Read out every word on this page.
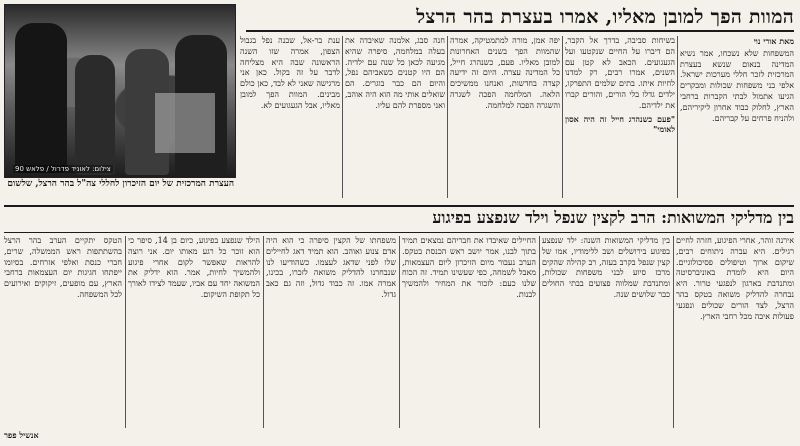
צילום: לאוניד פדרול / פלאש 90
העצרת המרכזית של יום הזיכרון לחללי צה"ל בהר הרצל, שלשום
המוות הפך למובן מאליו, אמרו בעצרת בהר הרצל
מאת אורי נוי
המשפחות שלא נשכחו, אמר נשיא המדינה בנאום שנשא בעצרת המרכזית לזכר חללי מערכות ישראל. אלפי בני משפחות שכולות ומבקרים הגיעו אתמול לבתי הקברות ברחבי הארץ, לחלוק כבוד אחרון ליקיריהם, ולהניח פרחים על קבריהם.
בשיחות סביבה, בדרך אל הקבר, הם דיברו על החיים שנקטעו ועל הגעגועים. הכאב לא קטן עם השנים, אמרו רבים, רק למדנו לחיות איתו. בתים שלמים התפרקו, ילדים גדלו בלי הורים, והורים קברו את ילדיהם.
"פעם כשנהרג חייל זה היה אסון לאומי"
יפה אמן, מורה למתמטיקה, אמרה שהמוות הפך בשנים האחרונות למובן מאליו. פעם, כשנהרג חייל, כל המדינה עצרה. היום זה ידיעה קצרה בחדשות, ואנחנו ממשיכים הלאה. המלחמה הפכה לשגרה והשגרה הפכה למלחמה.
חנה סבג, אלמנה שאיבדה את בעלה במלחמה, סיפרה שהיא מגיעה לכאן כל שנה עם ילדיה. הם היו קטנים כשאביהם נפל, והיום הם כבר בוגרים. הם שואלים אותי מה הוא היה אוהב, ואני מספרת להם עליו.
ענת בר-אל, שבנה נפל בגבול הצפון, אמרה שזו השנה הראשונה שבה היא מצליחה לדבר על זה בקול. כאן אני מרגישה שאני לא לבד, כאן כולם מבינים. המוות הפך למובן מאליו, אבל הגעגועים לא.
בין מדליקי המשואות: הרב לקצין שנפל וילד שנפצע בפיגוע
אירנה זוהר, אחרי הפיגוע, חזרה לחיים רגילים. היא עברה ניתוחים רבים, שיקום ארוך וטיפולים פסיכולוגיים. היום היא לומדת באוניברסיטה ומתנדבת בארגון לנפגעי טרור. היא נבחרה להדליק משואה בטקס בהר הרצל, לצד הורים שכולים ונפגעי פעולות איבה מכל רחבי הארץ.
בין מדליקי המשואות השנה: ילד שנפצע בפיגוע בירושלים ושב ללימודיו, אמו של קצין שנפל בקרב בעזה, רב קהילה שהקים מרכז סיוע לבני משפחות שכולות, ומתנדבת שמלווה פצועים בבתי החולים כבר שלושים שנה.
החיילים שאיבדו את חבריהם נמצאים תמיד בתוך לבנו, אמר יושב ראש הכנסת בטקס. הערב נעבור מיום הזיכרון ליום העצמאות, מאבל לשמחה, כפי שעשינו תמיד. זה הכוח שלנו כעם: לזכור את המחיר ולהמשיך לבנות.
משפחתו של הקצין סיפרה כי הוא היה אדם צנוע ואוהב. הוא תמיד דאג לחיילים שלו לפני שדאג לעצמו. כשהודיעו לנו שנבחרנו להדליק משואה לזכרו, בכינו, אמרה אמו. זה כבוד גדול, וזה גם כאב גדול.
הילד שנפצע בפיגוע, כיום בן 14, סיפר כי הוא זוכר כל רגע מאותו יום. אני רוצה להראות שאפשר לקום אחרי פיגוע ולהמשיך לחיות, אמר. הוא ידליק את המשואה יחד עם אביו, שעמד לצידו לאורך כל תקופת השיקום.
הטקס יתקיים הערב בהר הרצל בהשתתפות ראש הממשלה, שרים, חברי כנסת ואלפי אזרחים. בסיומו ייפתחו חגיגות יום העצמאות ברחבי הארץ, עם מופעים, זיקוקים ואירועים לכל המשפחה.
אנשיל פפר
